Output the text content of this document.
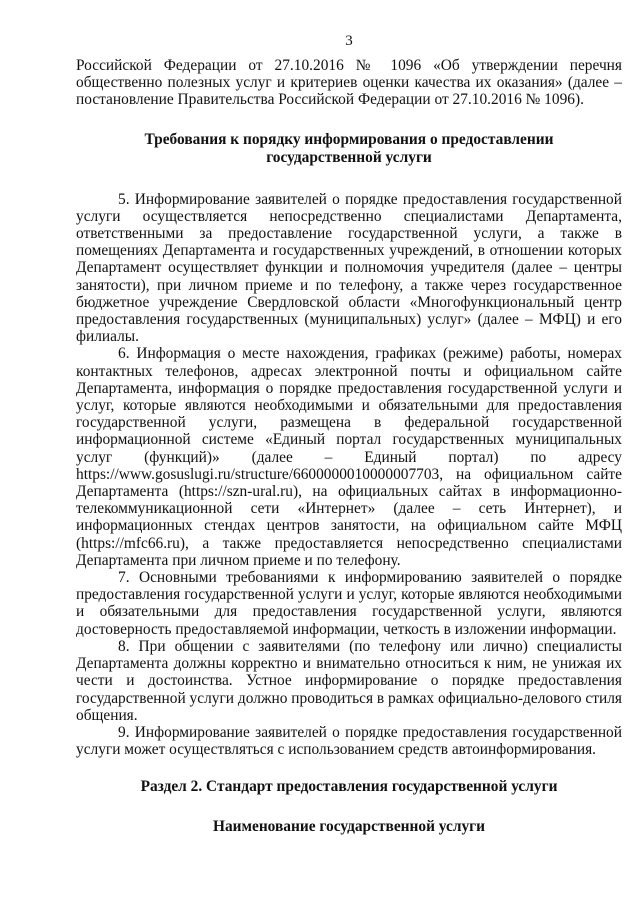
3

Российской Федерации от 27.10.2016 № 1096 «Об утверждении перечня общественно полезных услуг и критериев оценки качества их оказания» (далее – постановление Правительства Российской Федерации от 27.10.2016 № 1096).

Требования к порядку информирования о предоставлении государственной услуги

5. Информирование заявителей о порядке предоставления государственной услуги осуществляется непосредственно специалистами Департамента, ответственными за предоставление государственной услуги, а также в помещениях Департамента и государственных учреждений, в отношении которых Департамент осуществляет функции и полномочия учредителя (далее – центры занятости), при личном приеме и по телефону, а также через государственное бюджетное учреждение Свердловской области «Многофункциональный центр предоставления государственных (муниципальных) услуг» (далее – МФЦ) и его филиалы.

6. Информация о месте нахождения, графиках (режиме) работы, номерах контактных телефонов, адресах электронной почты и официальном сайте Департамента, информация о порядке предоставления государственной услуги и услуг, которые являются необходимыми и обязательными для предоставления государственной услуги, размещена в федеральной государственной информационной системе «Единый портал государственных муниципальных услуг (функций)» (далее – Единый портал) по адресу https://www.gosuslugi.ru/structure/6600000010000007703, на официальном сайте Департамента (https://szn-ural.ru), на официальных сайтах в информационно-телекоммуникационной сети «Интернет» (далее – сеть Интернет), и информационных стендах центров занятости, на официальном сайте МФЦ (https://mfc66.ru), а также предоставляется непосредственно специалистами Департамента при личном приеме и по телефону.

7. Основными требованиями к информированию заявителей о порядке предоставления государственной услуги и услуг, которые являются необходимыми и обязательными для предоставления государственной услуги, являются достоверность предоставляемой информации, четкость в изложении информации.

8. При общении с заявителями (по телефону или лично) специалисты Департамента должны корректно и внимательно относиться к ним, не унижая их чести и достоинства. Устное информирование о порядке предоставления государственной услуги должно проводиться в рамках официально-делового стиля общения.

9. Информирование заявителей о порядке предоставления государственной услуги может осуществляться с использованием средств автоинформирования.

Раздел 2. Стандарт предоставления государственной услуги
Наименование государственной услуги
